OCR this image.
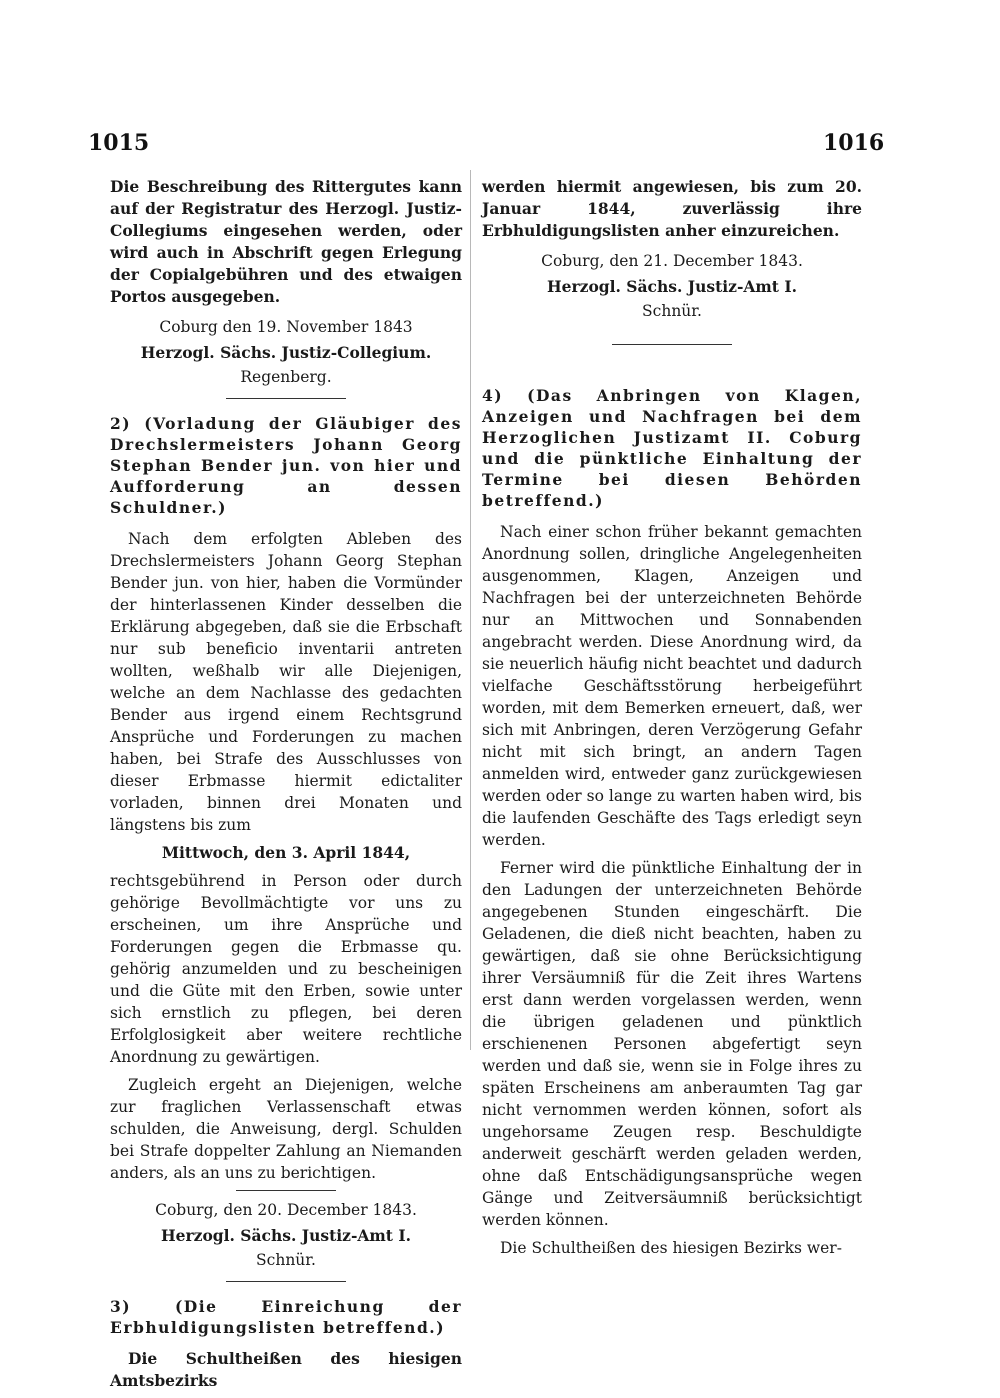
1015	1016

Die Beschreibung des Rittergutes kann auf der Registratur des Herzogl. Justiz-Collegiums eingesehen werden, oder wird auch in Abschrift gegen Erlegung der Copialgebühren und des etwaigen Portos ausgegeben.

Coburg den 19. November 1843
Herzogl. Sächs. Justiz-Collegium.
Regenberg.
2) (Vorladung der Gläubiger des Drechslermeisters Johann Georg Stephan Bender jun. von hier und Aufforderung an dessen Schuldner.)

Nach dem erfolgten Ableben des Drechslermeisters Johann Georg Stephan Bender jun. von hier, haben die Vormünder der hinterlassenen Kinder desselben die Erklärung abgegeben, daß sie die Erbschaft nur sub beneficio inventarii antreten wollten, weßhalb wir alle Diejenigen, welche an dem Nachlasse des gedachten Bender aus irgend einem Rechtsgrund Ansprüche und Forderungen zu machen haben, bei Strafe des Ausschlusses von dieser Erbmasse hiermit edictaliter vorladen, binnen drei Monaten und längstens bis zum

Mittwoch, den 3. April 1844,

rechtsgebührend in Person oder durch gehörige Bevollmächtigte vor uns zu erscheinen, um ihre Ansprüche und Forderungen gegen die Erbmasse qu. gehörig anzumelden und zu bescheinigen und die Güte mit den Erben, sowie unter sich ernstlich zu pflegen, bei deren Erfolglosigkeit aber weitere rechtliche Anordnung zu gewärtigen.

Zugleich ergeht an Diejenigen, welche zur fraglichen Verlassenschaft etwas schulden, die Anweisung, dergl. Schulden bei Strafe doppelter Zahlung an Niemanden anders, als an uns zu berichtigen.

Coburg, den 20. December 1843.
Herzogl. Sächs. Justiz-Amt I.
Schnür.
3) (Die Einreichung der Erbhuldigungslisten betreffend.)

Die Schultheißen des hiesigen Amtsbezirks

werden hiermit angewiesen, bis zum 20. Januar 1844, zuverlässig ihre Erbhuldigungslisten anher einzureichen.

Coburg, den 21. December 1843.
Herzogl. Sächs. Justiz-Amt I.
Schnür.
4) (Das Anbringen von Klagen, Anzeigen und Nachfragen bei dem Herzoglichen Justizamt II. Coburg und die pünktliche Einhaltung der Termine bei diesen Behörden betreffend.)

Nach einer schon früher bekannt gemachten Anordnung sollen, dringliche Angelegenheiten ausgenommen, Klagen, Anzeigen und Nachfragen bei der unterzeichneten Behörde nur an Mittwochen und Sonnabenden angebracht werden. Diese Anordnung wird, da sie neuerlich häufig nicht beachtet und dadurch vielfache Geschäftsstörung herbeigeführt worden, mit dem Bemerken erneuert, daß, wer sich mit Anbringen, deren Verzögerung Gefahr nicht mit sich bringt, an andern Tagen anmelden wird, entweder ganz zurückgewiesen werden oder so lange zu warten haben wird, bis die laufenden Geschäfte des Tags erledigt seyn werden.

Ferner wird die pünktliche Einhaltung der in den Ladungen der unterzeichneten Behörde angegebenen Stunden eingeschärft. Die Geladenen, die dieß nicht beachten, haben zu gewärtigen, daß sie ohne Berücksichtigung ihrer Versäumniß für die Zeit ihres Wartens erst dann werden vorgelassen werden, wenn die übrigen geladenen und pünktlich erschienenen Personen abgefertigt seyn werden und daß sie, wenn sie in Folge ihres zu späten Erscheinens am anberaumten Tag gar nicht vernommen werden können, sofort als ungehorsame Zeugen resp. Beschuldigte anderweit geschärft werden geladen werden, ohne daß Entschädigungsansprüche wegen Gänge und Zeitversäumniß berücksichtigt werden können.

Die Schultheißen des hiesigen Bezirks wer-
